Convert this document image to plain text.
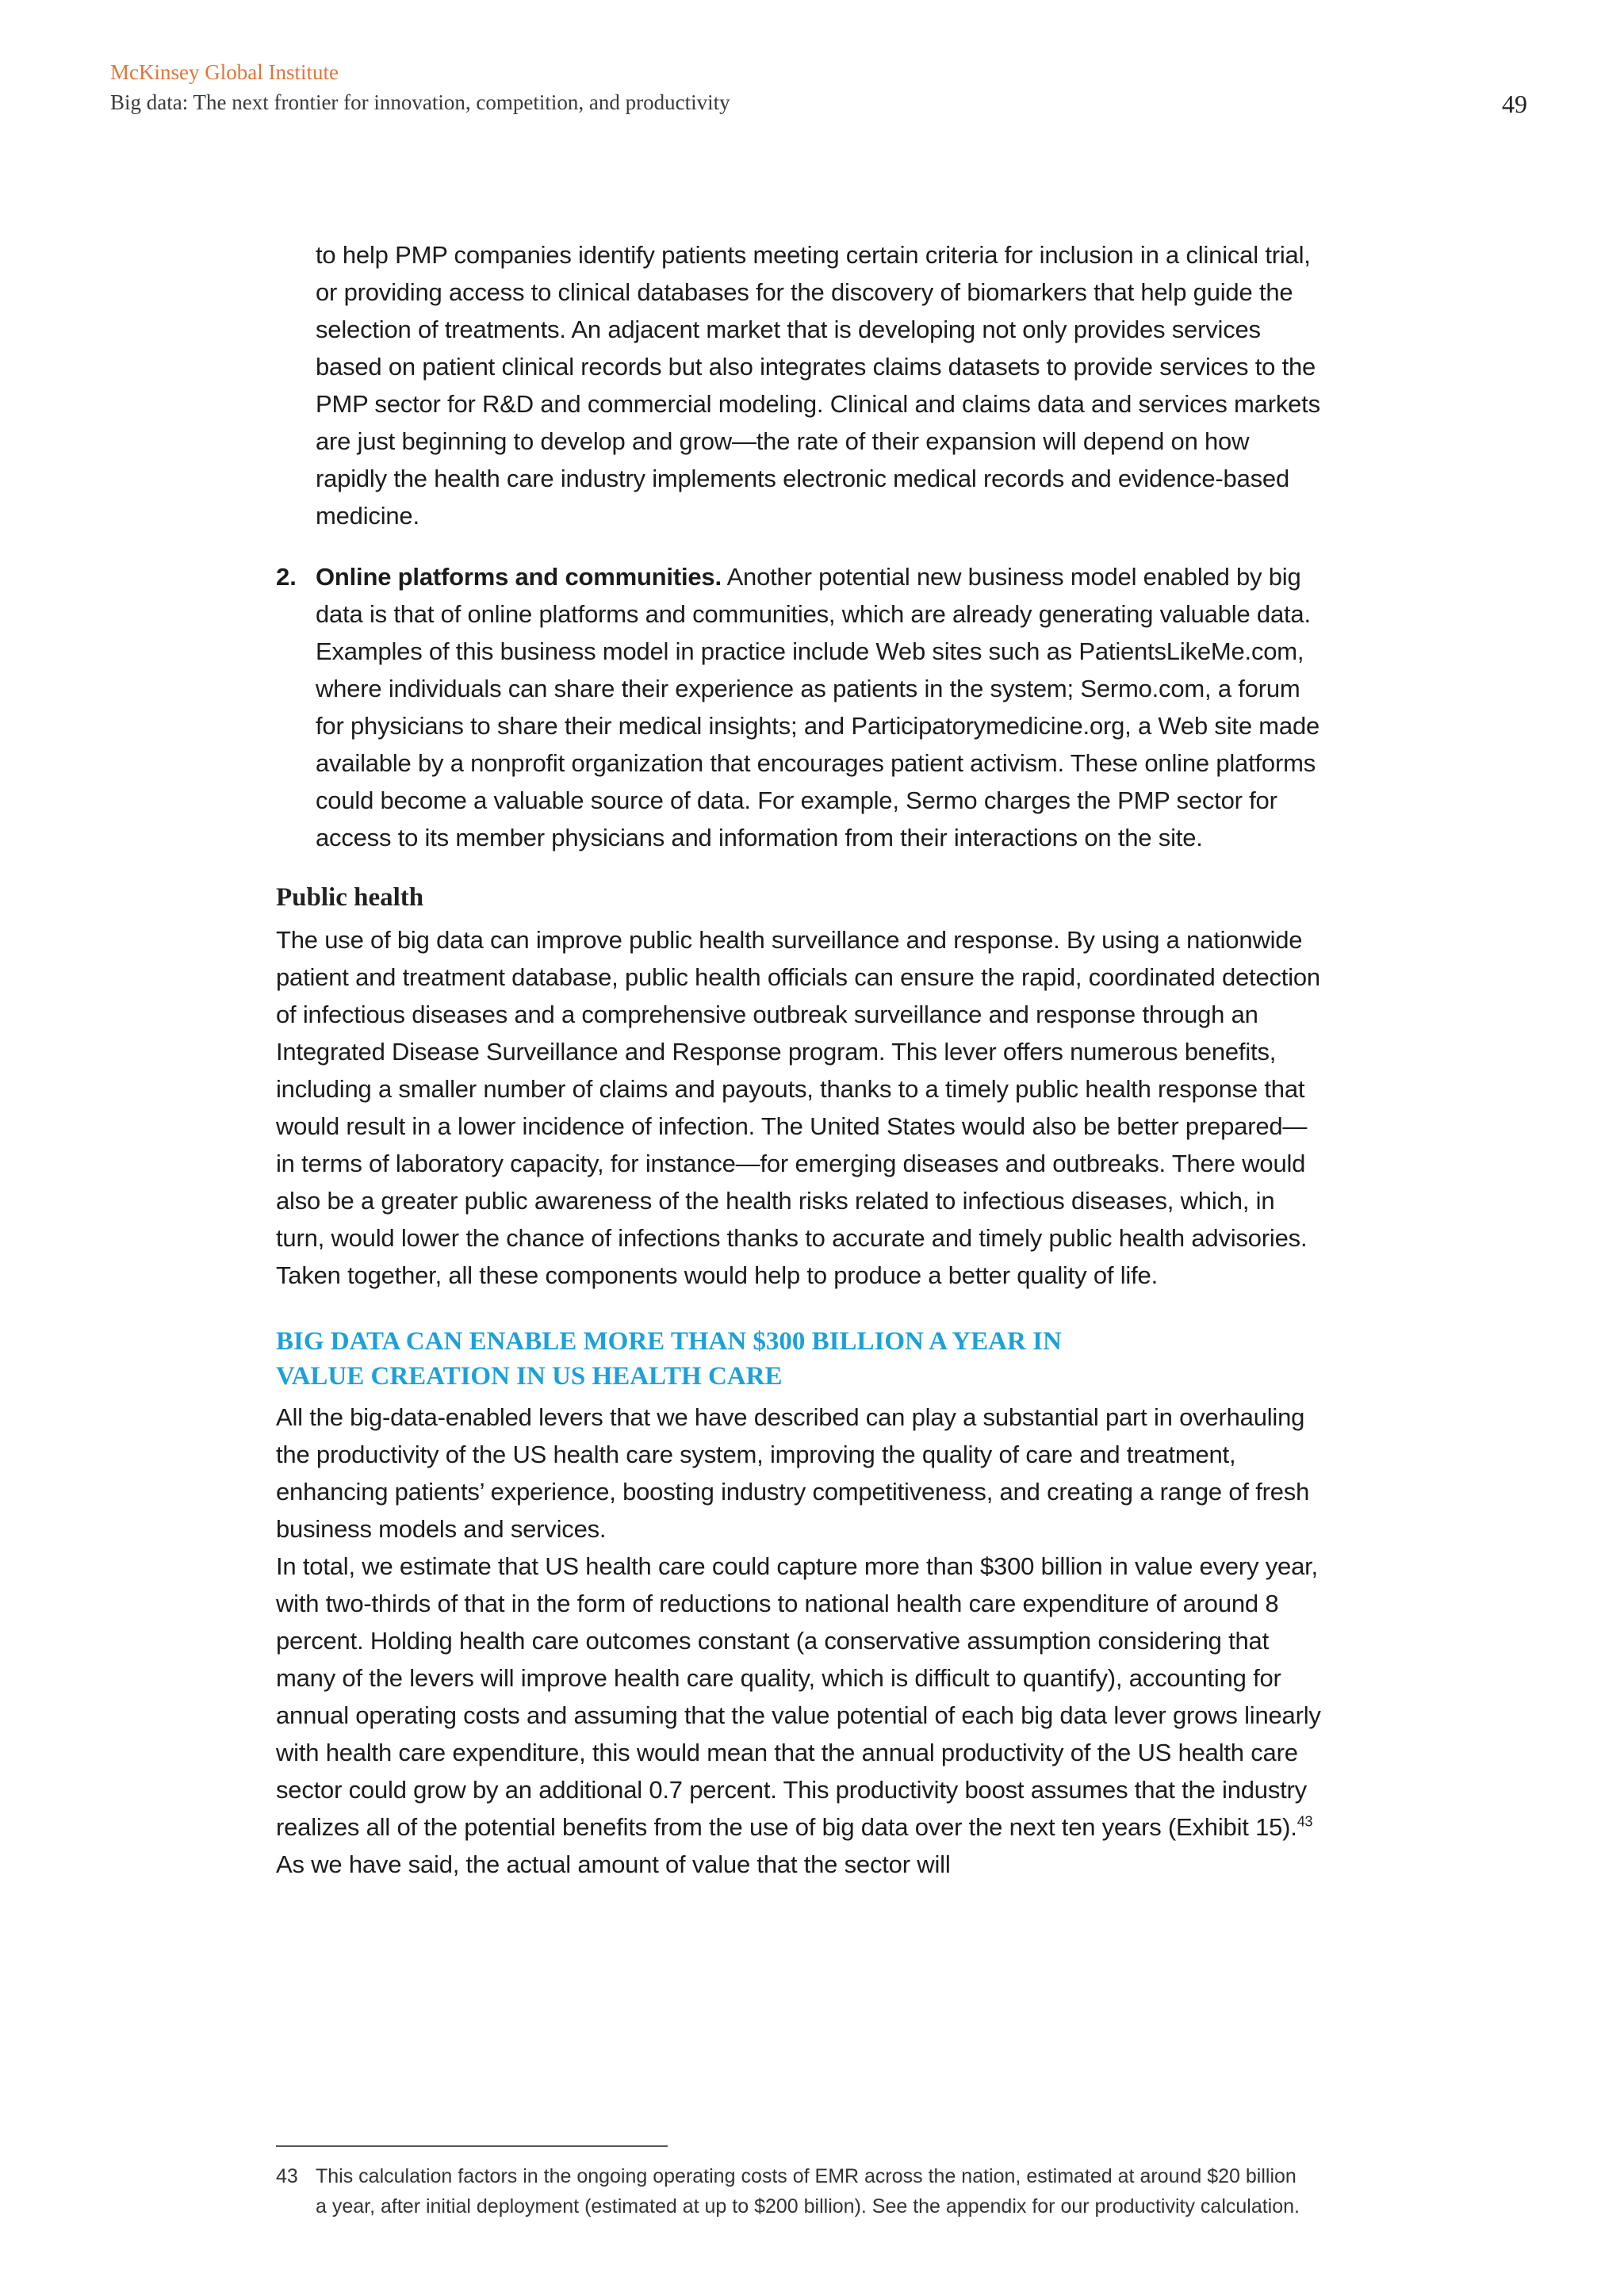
McKinsey Global Institute
Big data: The next frontier for innovation, competition, and productivity	49

to help PMP companies identify patients meeting certain criteria for inclusion in a clinical trial, or providing access to clinical databases for the discovery of biomarkers that help guide the selection of treatments. An adjacent market that is developing not only provides services based on patient clinical records but also integrates claims datasets to provide services to the PMP sector for R&D and commercial modeling. Clinical and claims data and services markets are just beginning to develop and grow—the rate of their expansion will depend on how rapidly the health care industry implements electronic medical records and evidence-based medicine.

2. Online platforms and communities. Another potential new business model enabled by big data is that of online platforms and communities, which are already generating valuable data. Examples of this business model in practice include Web sites such as PatientsLikeMe.com, where individuals can share their experience as patients in the system; Sermo.com, a forum for physicians to share their medical insights; and Participatorymedicine.org, a Web site made available by a nonprofit organization that encourages patient activism. These online platforms could become a valuable source of data. For example, Sermo charges the PMP sector for access to its member physicians and information from their interactions on the site.

Public health

The use of big data can improve public health surveillance and response. By using a nationwide patient and treatment database, public health officials can ensure the rapid, coordinated detection of infectious diseases and a comprehensive outbreak surveillance and response through an Integrated Disease Surveillance and Response program. This lever offers numerous benefits, including a smaller number of claims and payouts, thanks to a timely public health response that would result in a lower incidence of infection. The United States would also be better prepared—in terms of laboratory capacity, for instance—for emerging diseases and outbreaks. There would also be a greater public awareness of the health risks related to infectious diseases, which, in turn, would lower the chance of infections thanks to accurate and timely public health advisories. Taken together, all these components would help to produce a better quality of life.

BIG DATA CAN ENABLE MORE THAN $300 BILLION A YEAR IN
VALUE CREATION IN US HEALTH CARE

All the big-data-enabled levers that we have described can play a substantial part in overhauling the productivity of the US health care system, improving the quality of care and treatment, enhancing patients’ experience, boosting industry competitiveness, and creating a range of fresh business models and services.

In total, we estimate that US health care could capture more than $300 billion in value every year, with two-thirds of that in the form of reductions to national health care expenditure of around 8 percent. Holding health care outcomes constant (a conservative assumption considering that many of the levers will improve health care quality, which is difficult to quantify), accounting for annual operating costs and assuming that the value potential of each big data lever grows linearly with health care expenditure, this would mean that the annual productivity of the US health care sector could grow by an additional 0.7 percent. This productivity boost assumes that the industry realizes all of the potential benefits from the use of big data over the next ten years (Exhibit 15).$^{43}$ As we have said, the actual amount of value that the sector will

43 This calculation factors in the ongoing operating costs of EMR across the nation, estimated at around $20 billion a year, after initial deployment (estimated at up to $200 billion). See the appendix for our productivity calculation.
